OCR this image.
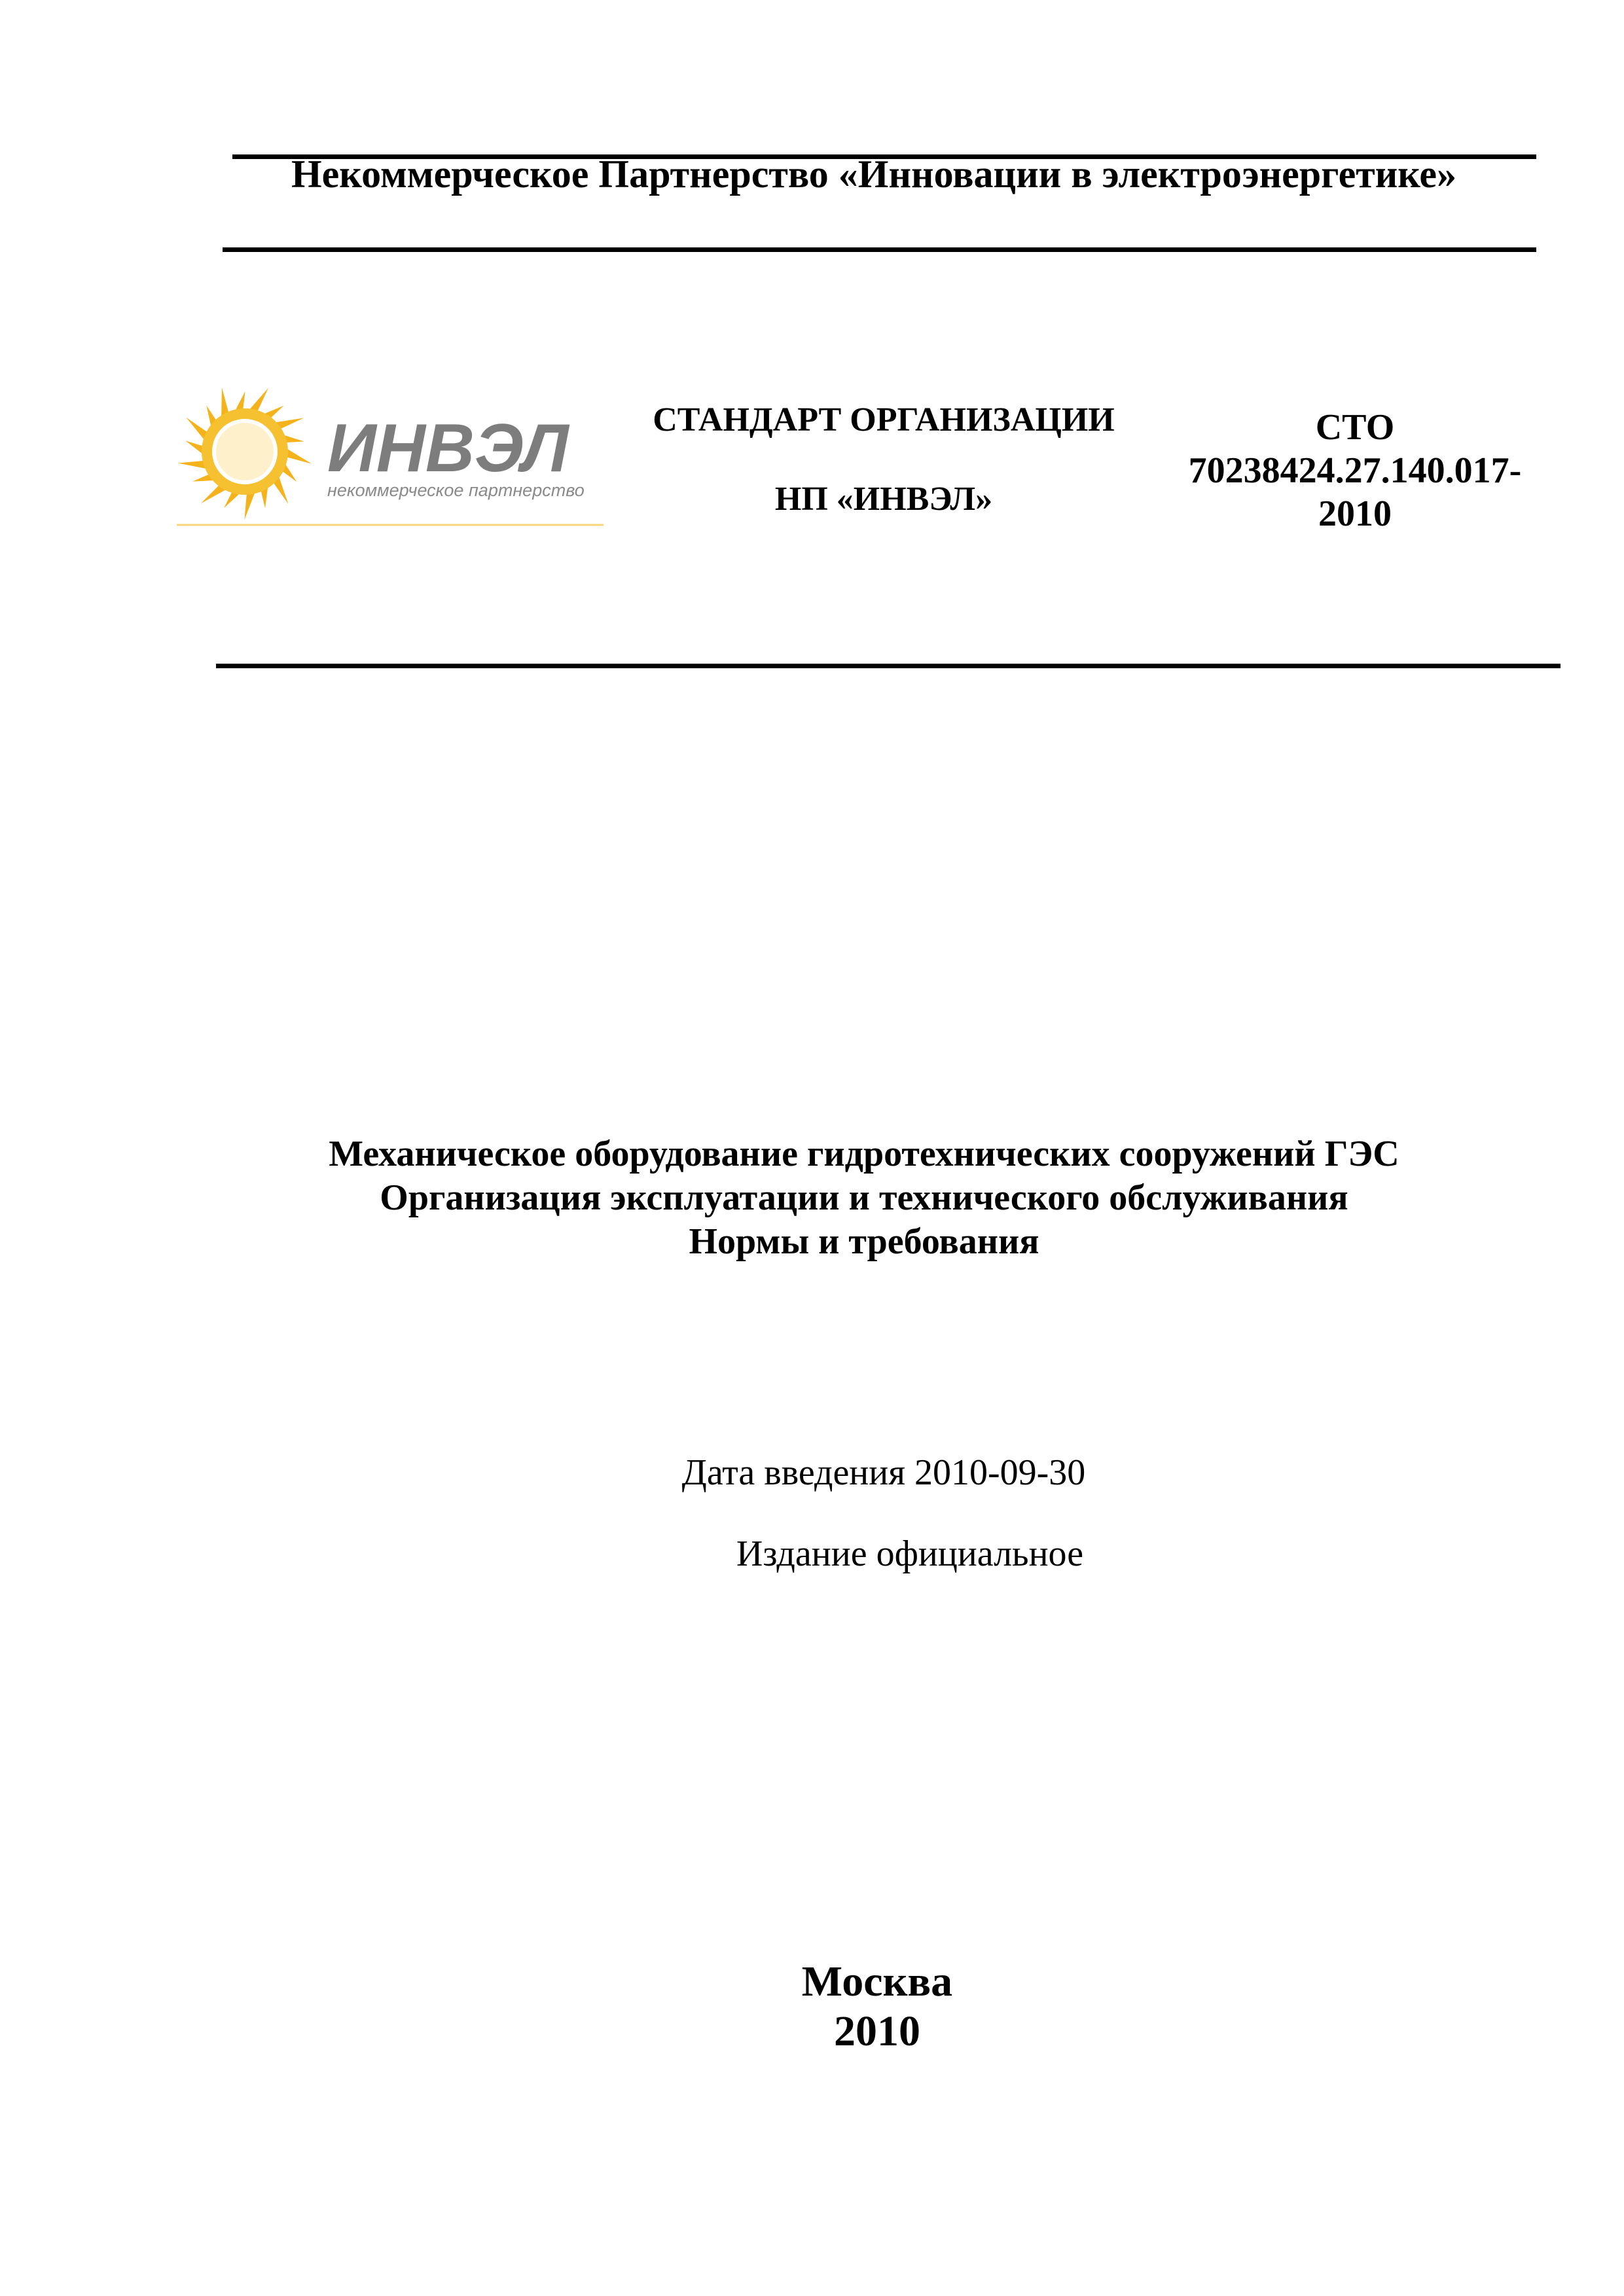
Некоммерческое Партнерство «Инновации в электроэнергетике»
ИНВЭЛ
некоммерческое партнерство
СТАНДАРТ ОРГАНИЗАЦИИ
НП «ИНВЭЛ»
СТО
70238424.27.140.017-
2010
Механическое оборудование гидротехнических сооружений ГЭС
Организация эксплуатации и технического обслуживания
Нормы и требования
Дата введения 2010-09-30
Издание официальное
Москва
2010
